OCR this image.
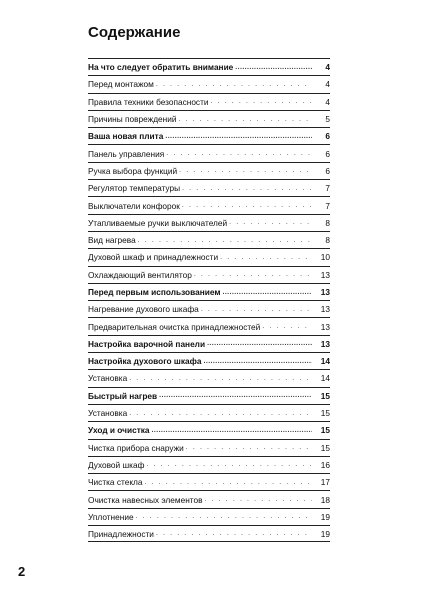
Содержание
На что следует обратить внимание .....	4
Перед монтажом . . .	4
Правила техники безопасности . . .	4
Причины повреждений . . .	5
Ваша новая плита .....	6
Панель управления . . .	6
Ручка выбора функций . . .	6
Регулятор температуры . . .	7
Выключатели конфорок . . .	7
Утапливаемые ручки выключателей . . .	8
Вид нагрева . . .	8
Духовой шкаф и принадлежности . . .	10
Охлаждающий вентилятор . . .	13
Перед первым использованием .....	13
Нагревание духового шкафа . . .	13
Предварительная очистка принадлежностей . . .	13
Настройка варочной панели .....	13
Настройка духового шкафа .....	14
Установка . . .	14
Быстрый нагрев .....	15
Установка . . .	15
Уход и очистка .....	15
Чистка прибора снаружи . . .	15
Духовой шкаф . . .	16
Чистка стекла . . .	17
Очистка навесных элементов . . .	18
Уплотнение . . .	19
Принадлежности . . .	19
2
